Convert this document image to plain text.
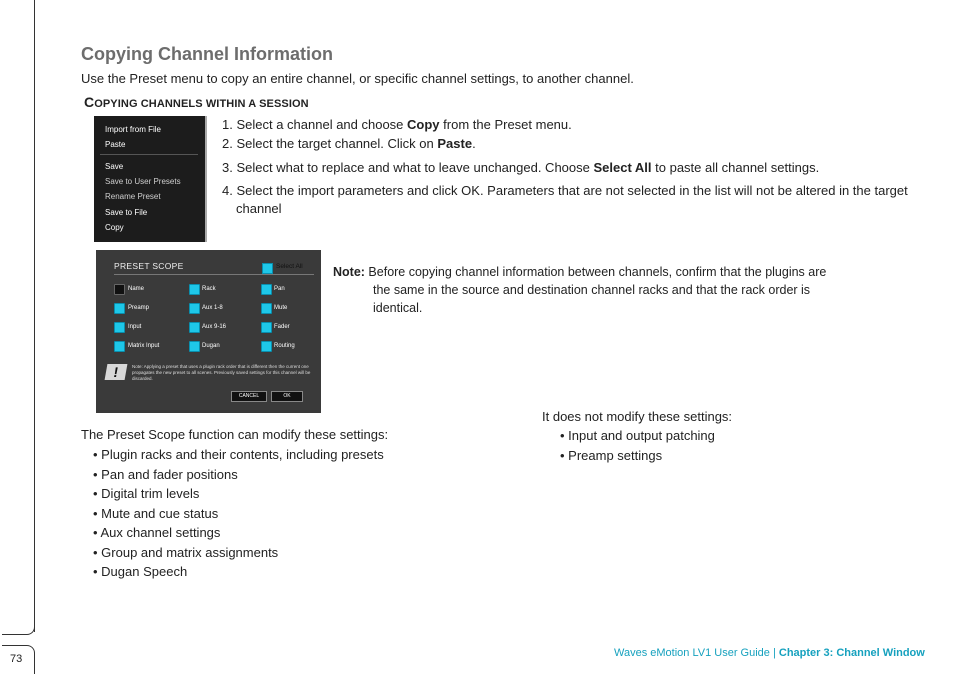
73
Copying Channel Information

Use the Preset menu to copy an entire channel, or specific channel settings, to another channel.

COPYING CHANNELS WITHIN A SESSION
Import from File
Paste
Save
Save to User Presets
Rename Preset
Save to File
Copy
1. Select a channel and choose Copy from the Preset menu.
2. Select the target channel. Click on Paste.
3. Select what to replace and what to leave unchanged. Choose Select All to paste all channel settings.
4. Select the import parameters and click OK. Parameters that are not selected in the list will not be altered in the target channel
PRESET SCOPE
Name	Rack	Pan
Preamp	Aux 1-8	Mute
Input	Aux 9-16	Fader
Matrix Input	Dugan	Routing
!	Note: Applying a preset that uses a plugin rack order that is different then the current one propagates the new preset to all scenes. Previously saved settings for this channel will be discarded.
CANCEL	OK
Select All Note: Before copying channel information between channels, confirm that the plugins are
the same in the source and destination channel racks and that the rack order is
identical.

The Preset Scope function can modify these settings:

• Plugin racks and their contents, including presets
• Pan and fader positions
• Digital trim levels
• Mute and cue status
• Aux channel settings
• Group and matrix assignments
• Dugan Speech

It does not modify these settings:

• Input and output patching
• Preamp settings
Waves eMotion LV1 User Guide | Chapter 3: Channel Window
